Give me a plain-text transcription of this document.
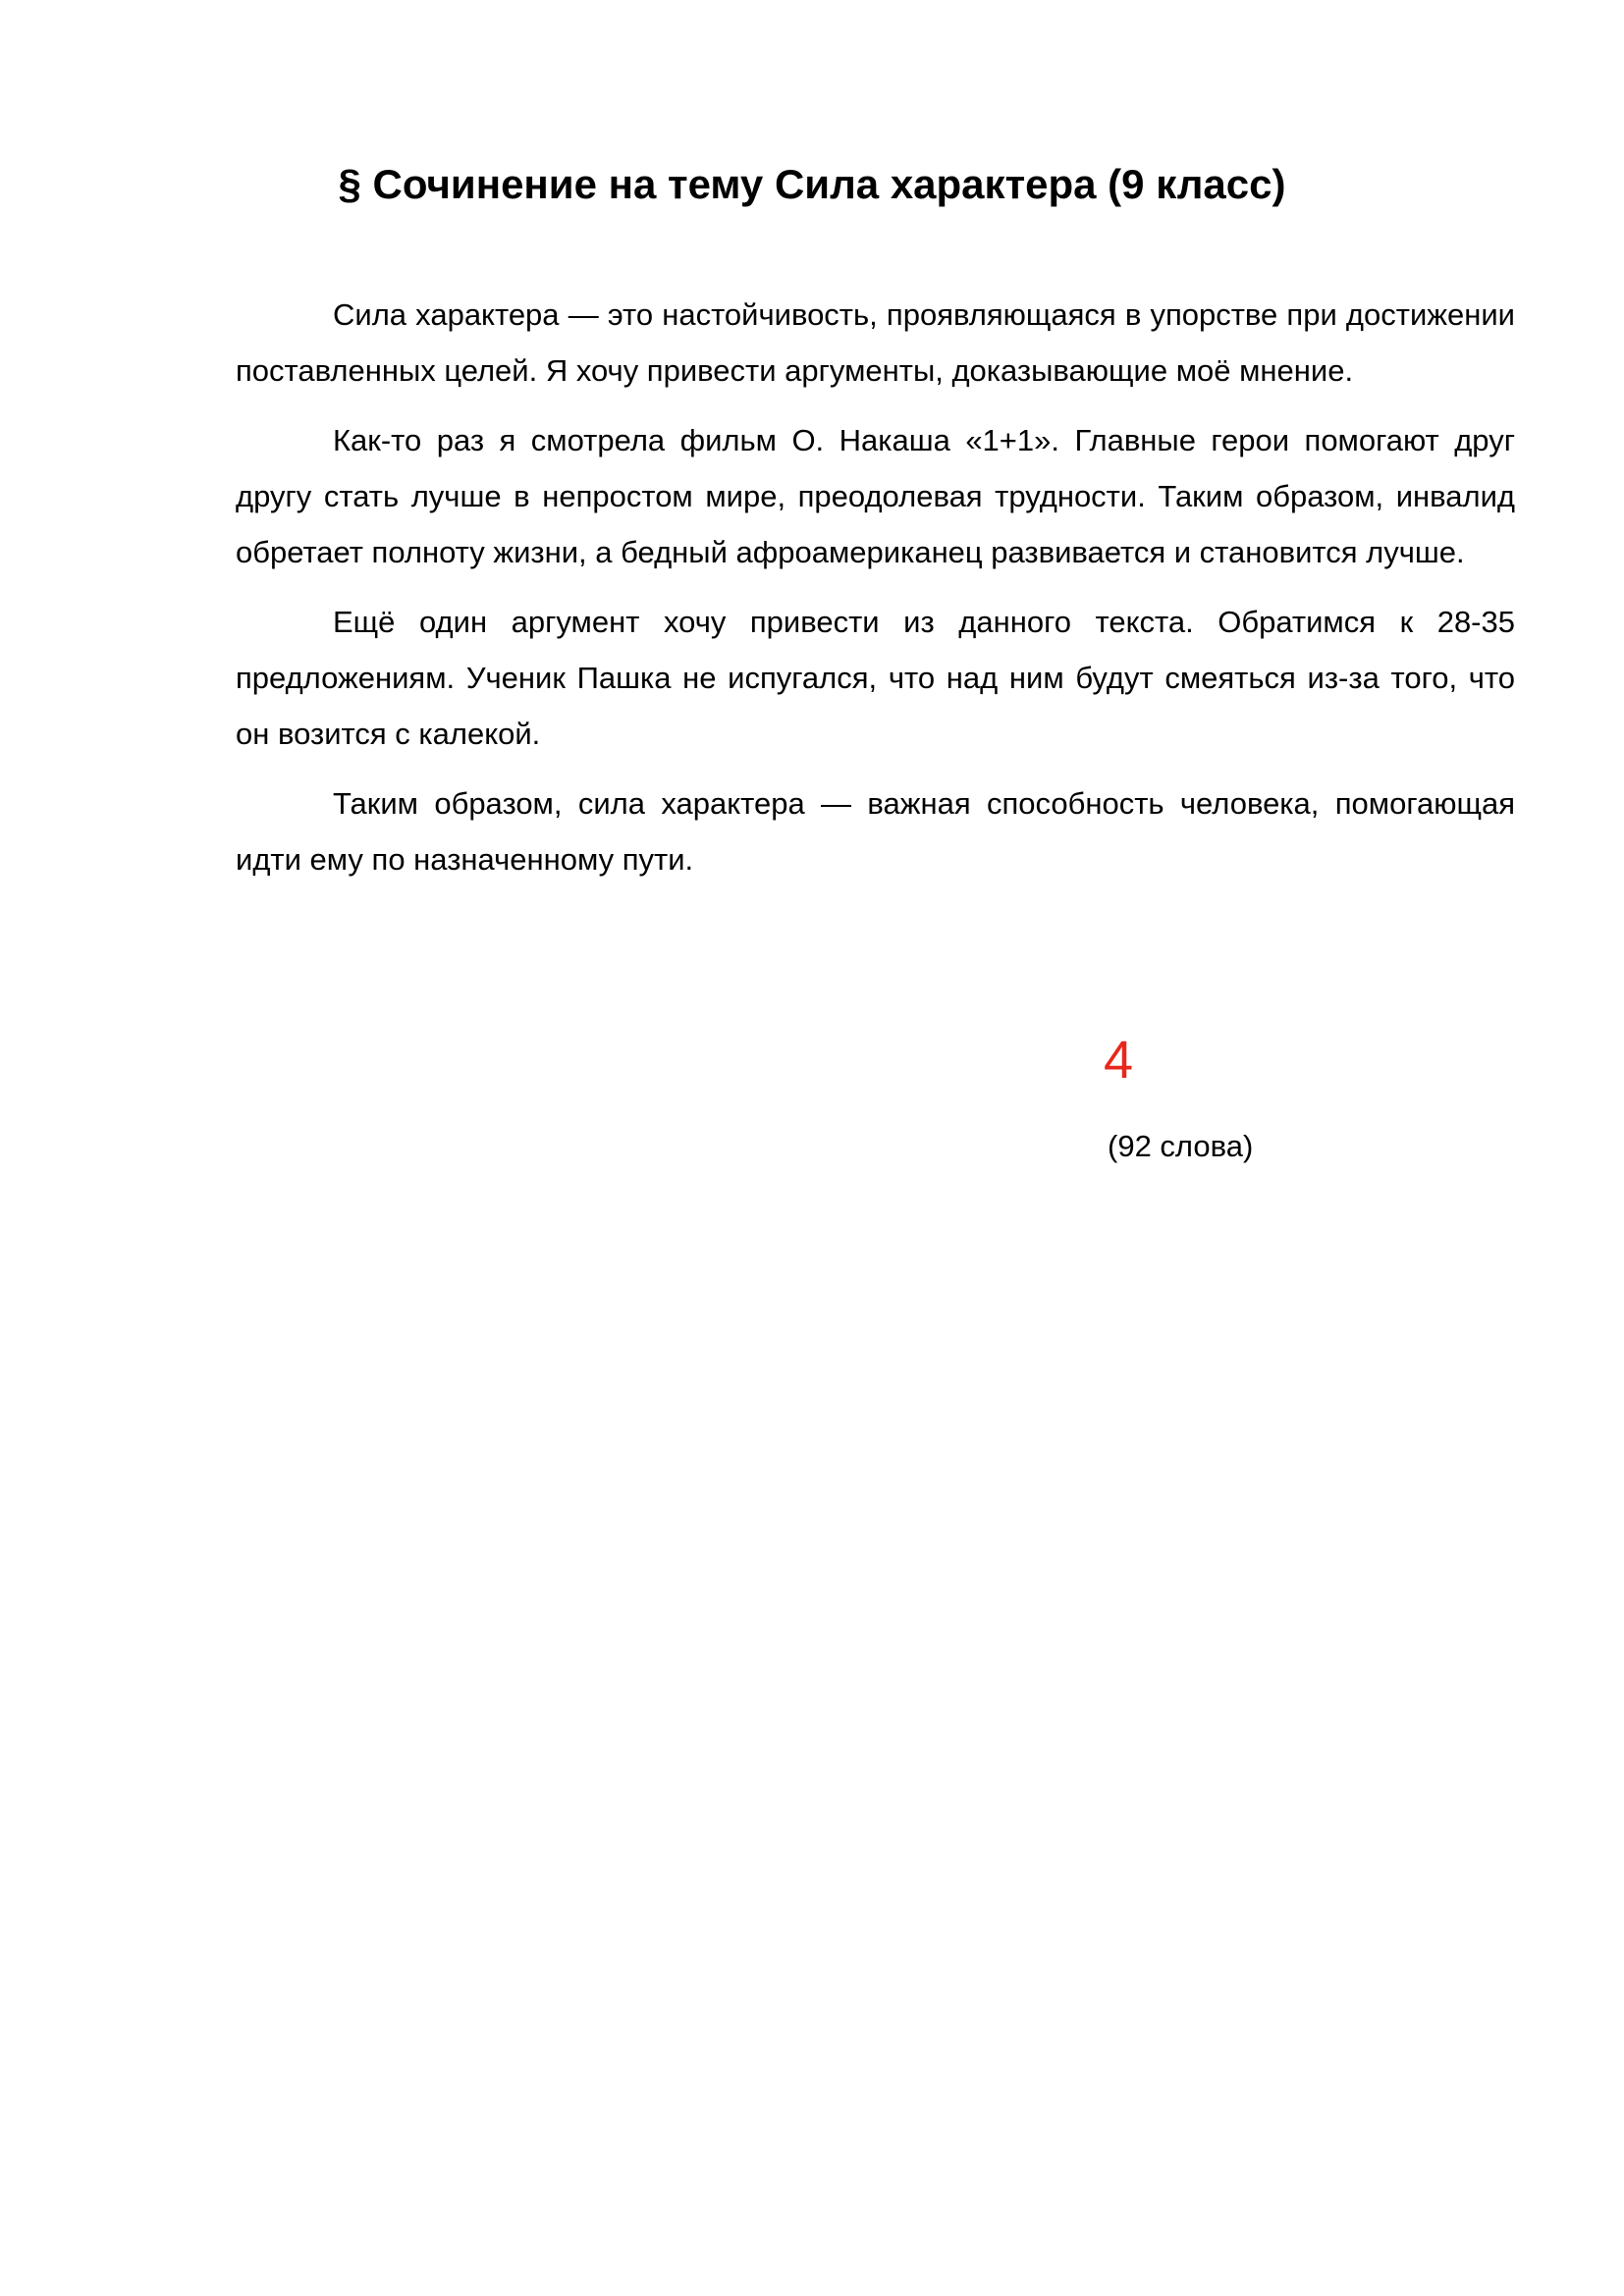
§ Сочинение на тему Сила характера (9 класс)

Сила характера — это настойчивость, проявляющаяся в упорстве при достижении поставленных целей. Я хочу привести аргументы, доказывающие моё мнение.

Как-то раз я смотрела фильм О. Накаша «1+1». Главные герои помогают друг другу стать лучше в непростом мире, преодолевая трудности. Таким образом, инвалид обретает полноту жизни, а бедный афроамериканец развивается и становится лучше.

Ещё один аргумент хочу привести из данного текста. Обратимся к 28-35 предложениям. Ученик Пашка не испугался, что над ним будут смеяться из-за того, что он возится с калекой.

Таким образом, сила характера — важная способность человека, помогающая идти ему по назначенному пути.

4

(92 слова)
